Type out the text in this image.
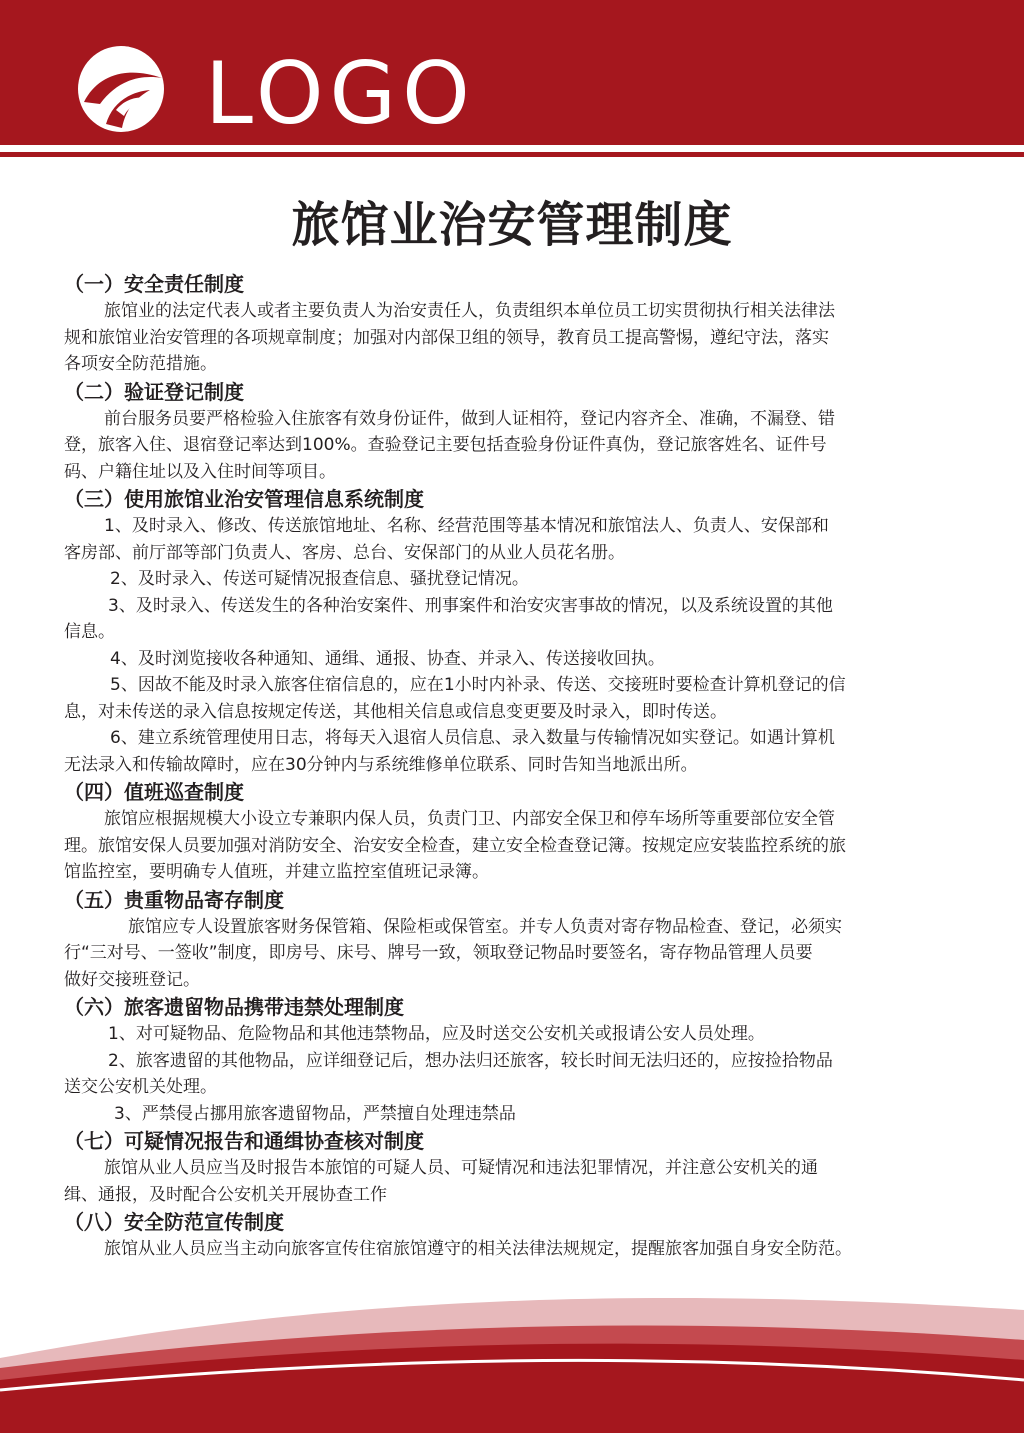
LOGO
旅馆业治安管理制度
（一）安全责任制度
旅馆业的法定代表人或者主要负责人为治安责任人，负责组织本单位员工切实贯彻执行相关法律法
规和旅馆业治安管理的各项规章制度；加强对内部保卫组的领导，教育员工提高警惕，遵纪守法，落实
各项安全防范措施。
（二）验证登记制度
前台服务员要严格检验入住旅客有效身份证件，做到人证相符，登记内容齐全、准确，不漏登、错
登，旅客入住、退宿登记率达到100%。查验登记主要包括查验身份证件真伪，登记旅客姓名、证件号
码、户籍住址以及入住时间等项目。
（三）使用旅馆业治安管理信息系统制度
1、及时录入、修改、传送旅馆地址、名称、经营范围等基本情况和旅馆法人、负责人、安保部和
客房部、前厅部等部门负责人、客房、总台、安保部门的从业人员花名册。
2、及时录入、传送可疑情况报查信息、骚扰登记情况。
3、及时录入、传送发生的各种治安案件、刑事案件和治安灾害事故的情况，以及系统设置的其他
信息。
4、及时浏览接收各种通知、通缉、通报、协查、并录入、传送接收回执。
5、因故不能及时录入旅客住宿信息的，应在1小时内补录、传送、交接班时要检查计算机登记的信
息，对未传送的录入信息按规定传送，其他相关信息或信息变更要及时录入，即时传送。
6、建立系统管理使用日志，将每天入退宿人员信息、录入数量与传输情况如实登记。如遇计算机
无法录入和传输故障时，应在30分钟内与系统维修单位联系、同时告知当地派出所。
（四）值班巡查制度
旅馆应根据规模大小设立专兼职内保人员，负责门卫、内部安全保卫和停车场所等重要部位安全管
理。旅馆安保人员要加强对消防安全、治安安全检查，建立安全检查登记簿。按规定应安装监控系统的旅
馆监控室，要明确专人值班，并建立监控室值班记录簿。
（五）贵重物品寄存制度
旅馆应专人设置旅客财务保管箱、保险柜或保管室。并专人负责对寄存物品检查、登记，必须实
行“三对号、一签收”制度，即房号、床号、牌号一致，领取登记物品时要签名，寄存物品管理人员要
做好交接班登记。
（六）旅客遗留物品携带违禁处理制度
1、对可疑物品、危险物品和其他违禁物品，应及时送交公安机关或报请公安人员处理。
2、旅客遗留的其他物品，应详细登记后，想办法归还旅客，较长时间无法归还的，应按捡拾物品
送交公安机关处理。
3、严禁侵占挪用旅客遗留物品，严禁擅自处理违禁品
（七）可疑情况报告和通缉协查核对制度
旅馆从业人员应当及时报告本旅馆的可疑人员、可疑情况和违法犯罪情况，并注意公安机关的通
缉、通报，及时配合公安机关开展协查工作
（八）安全防范宣传制度
旅馆从业人员应当主动向旅客宣传住宿旅馆遵守的相关法律法规规定，提醒旅客加强自身安全防范。
